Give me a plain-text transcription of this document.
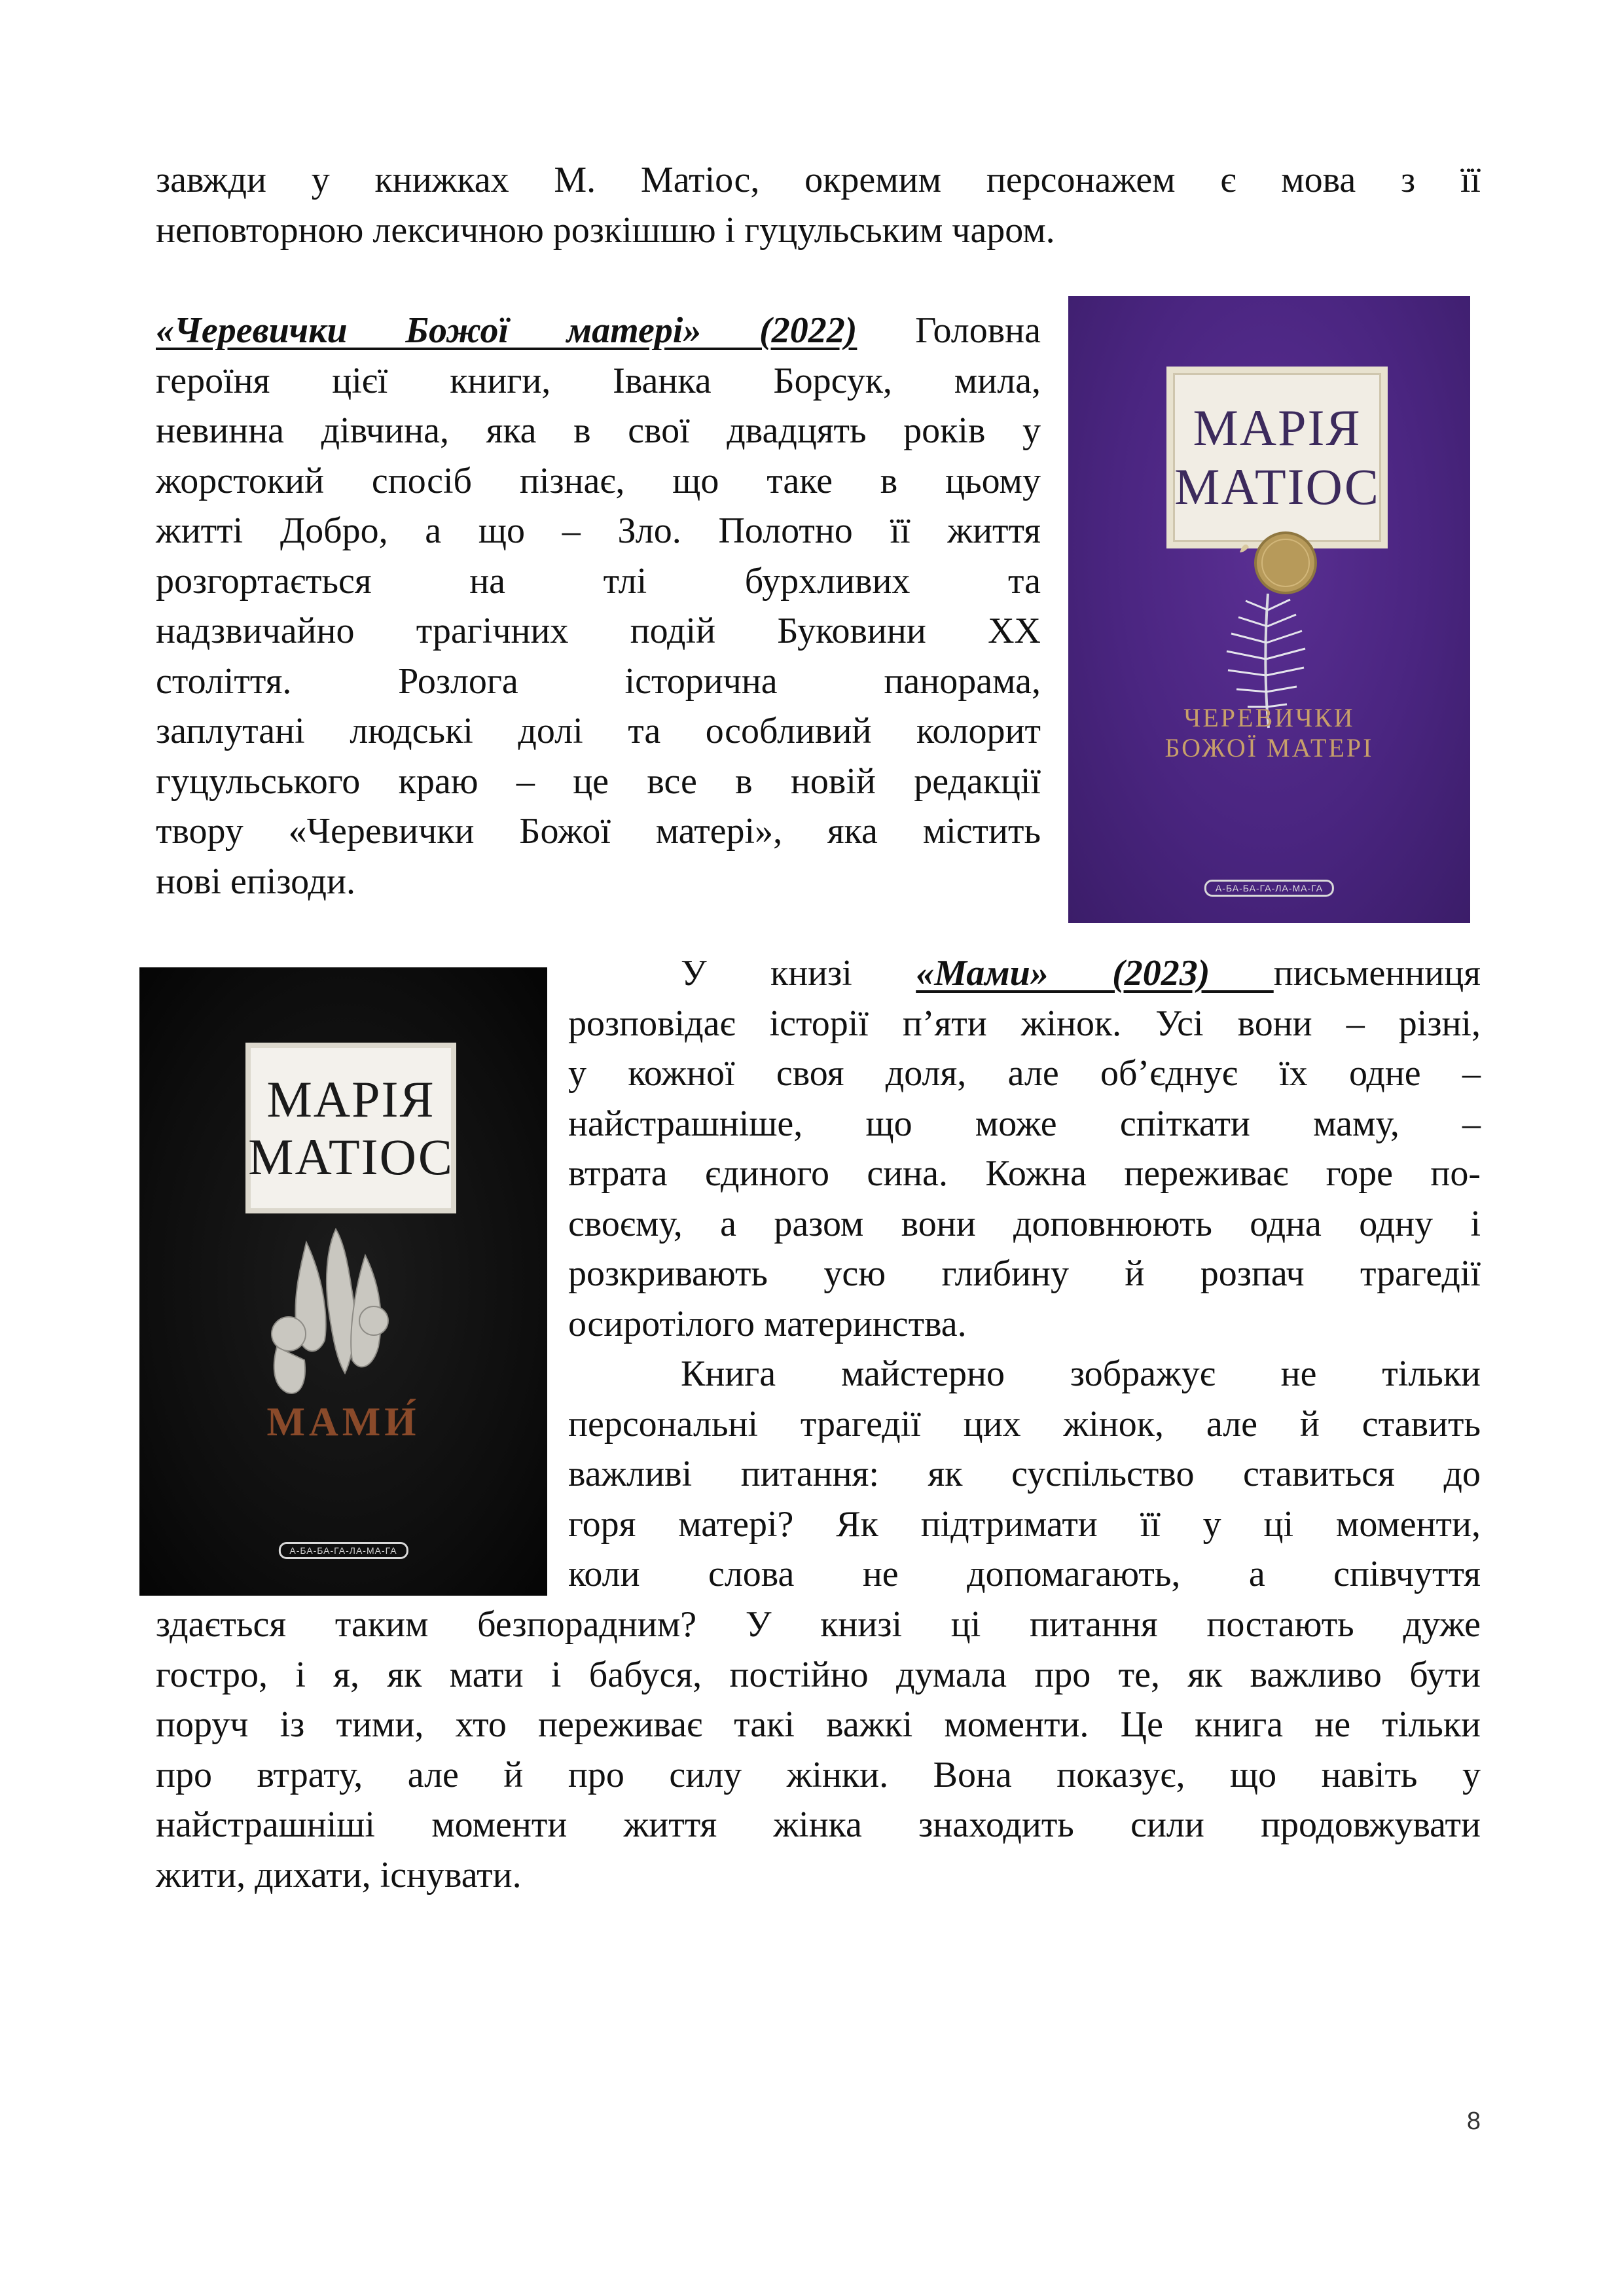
завжди у книжках М. Матіос, окремим персонажем є мова з її
неповторною лексичною розкішшю і гуцульським чаром.
«Черевички Божої матері» (2022) Головна
героїня цієї книги, Іванка Борсук, мила,
невинна дівчина, яка в свої двадцять років у
жорстокий спосіб пізнає, що таке в цьому
житті Добро, а що – Зло. Полотно її життя
розгортається на тлі бурхливих та
надзвичайно трагічних подій Буковини ХХ
століття. Розлога історична панорама,
заплутані людські долі та особливий колорит
гуцульського краю – це все в новій редакції
твору «Черевички Божої матері», яка містить
нові епізоди.
МАРІЯ
МАТІОС
ЧЕРЕВИЧКИ
БОЖОЇ МАТЕРІ
А-БА-БА-ГА-ЛА-МА-ГА
У книзі «Мами» (2023) письменниця
розповідає історії п’яти жінок. Усі вони – різні,
у кожної своя доля, але об’єднує їх одне –
найстрашніше, що може спіткати маму, –
втрата єдиного сина. Кожна переживає горе по-
своєму, а разом вони доповнюють одна одну і
розкривають усю глибину й розпач трагедії
осиротілого материнства.
МАРІЯ
МАТІОС
МАМИ́
А-БА-БА-ГА-ЛА-МА-ГА
Книга майстерно зображує не тільки
персональні трагедії цих жінок, але й ставить
важливі питання: як суспільство ставиться до
горя матері? Як підтримати її у ці моменти,
коли слова не допомагають, а співчуття
здається таким безпорадним? У книзі ці питання постають дуже
гостро, і я, як мати і бабуся, постійно думала про те, як важливо бути
поруч із тими, хто переживає такі важкі моменти. Це книга не тільки
про втрату, але й про силу жінки. Вона показує, що навіть у
найстрашніші моменти життя жінка знаходить сили продовжувати
жити, дихати, існувати.
8
